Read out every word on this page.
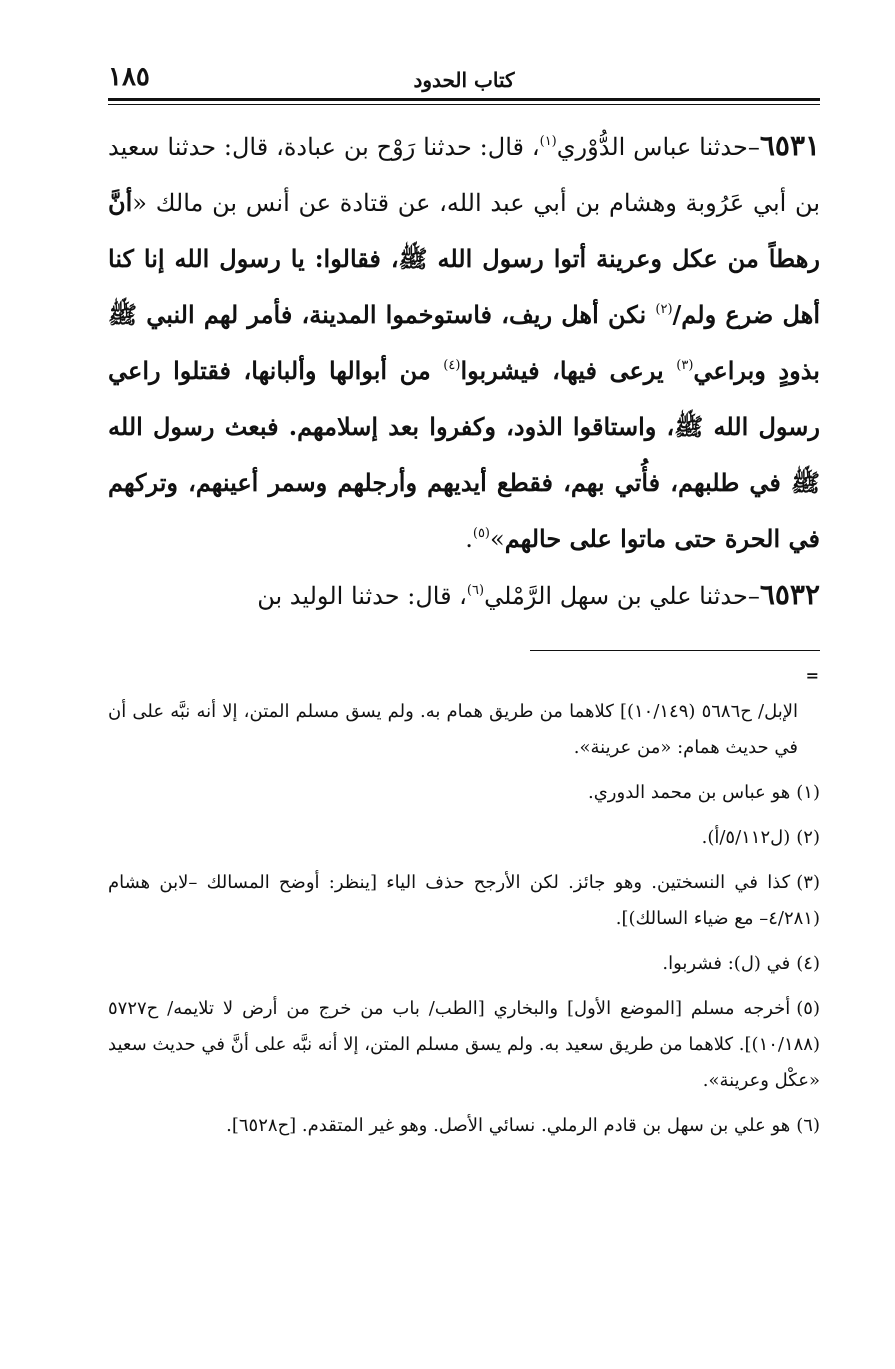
١٨٥	كتاب الحدود

٦٥٣١–حدثنا عباس الدُّوْري$^{(١)}$، قال: حدثنا رَوْح بن عبادة، قال: حدثنا سعيد بن أبي عَرُوبة وهشام بن أبي عبد الله، عن قتادة عن أنس بن مالك «أنَّ رهطاً من عكل وعرينة أتوا رسول الله ﷺ، فقالوا: يا رسول الله إنا كنا أهل ضرع ولم/$^{(٢)}$ نكن أهل ريف، فاستوخموا المدينة، فأمر لهم النبي ﷺ بذودٍ وبراعي$^{(٣)}$ يرعى فيها، فيشربوا$^{(٤)}$ من أبوالها وألبانها، فقتلوا راعي رسول الله ﷺ، واستاقوا الذود، وكفروا بعد إسلامهم. فبعث رسول الله ﷺ في طلبهم، فأُتي بهم، فقطع أيديهم وأرجلهم وسمر أعينهم، وتركهم في الحرة حتى ماتوا على حالهم»$^{(٥)}$.

٦٥٣٢–حدثنا علي بن سهل الرَّمْلي$^{(٦)}$، قال: حدثنا الوليد بن

=

الإبل/ ح٥٦٨٦ (١٠/١٤٩)] كلاهما من طريق همام به. ولم يسق مسلم المتن، إلا أنه نبَّه على أن في حديث همام: «من عرينة».

(١)هو عباس بن محمد الدوري.

(٢)(ل٥/١١٢/أ).

(٣)كذا في النسختين. وهو جائز. لكن الأرجح حذف الياء [ينظر: أوضح المسالك –لابن هشام (٤/٢٨١– مع ضياء السالك)].

(٤)في (ل): فشربوا.

(٥)أخرجه مسلم [الموضع الأول] والبخاري [الطب/ باب من خرج من أرض لا تلايمه/ ح٥٧٢٧ (١٠/١٨٨)]. كلاهما من طريق سعيد به. ولم يسق مسلم المتن، إلا أنه نبَّه على أنَّ في حديث سعيد «عكْل وعرينة».

(٦)هو علي بن سهل بن قادم الرملي. نسائي الأصل. وهو غير المتقدم. [ح٦٥٢٨].
